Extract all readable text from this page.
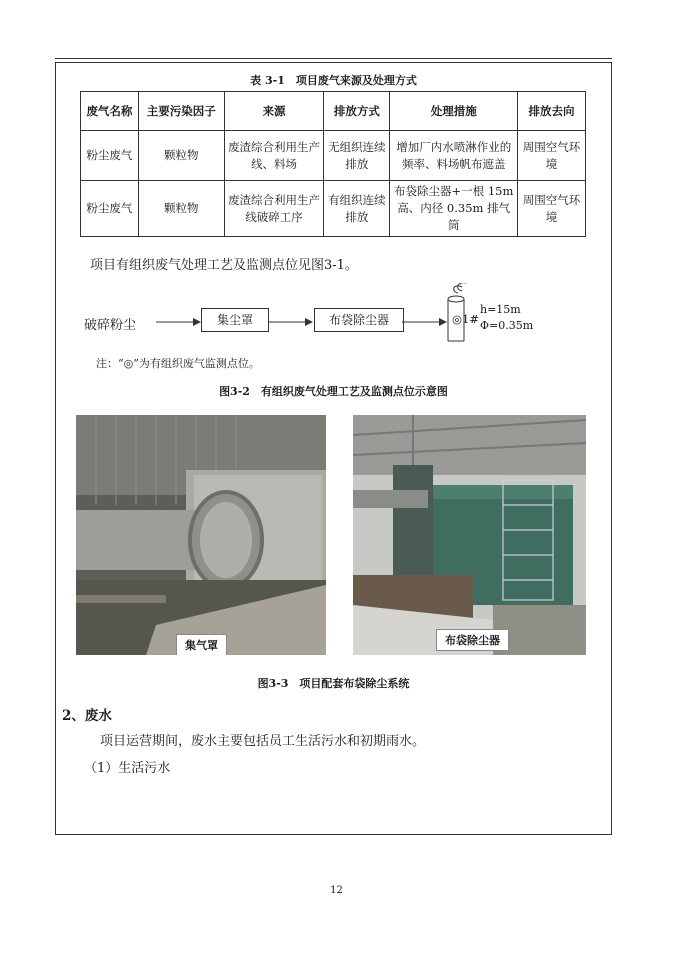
表 3-1　项目废气来源及处理方式
废气名称	主要污染因子	来源	排放方式	处理措施	排放去向
粉尘废气	颗粒物	废渣综合利用生产线、料场	无组织连续排放	增加厂内水喷淋作业的频率、料场帆布遮盖	周围空气环境
粉尘废气	颗粒物	废渣综合利用生产线破碎工序	有组织连续排放	布袋除尘器+一根 15m 高、内径 0.35m 排气筒	周围空气环境
项目有组织废气处理工艺及监测点位见图3-1。
破碎粉尘	集尘罩	布袋除尘器	◎1#
h=15m
Φ=0.35m
注：“◎”为有组织废气监测点位。
图3-2　有组织废气处理工艺及监测点位示意图
集气罩	布袋除尘器
图3-3　项目配套布袋除尘系统
2、废水
项目运营期间，废水主要包括员工生活污水和初期雨水。
（1）生活污水
12
